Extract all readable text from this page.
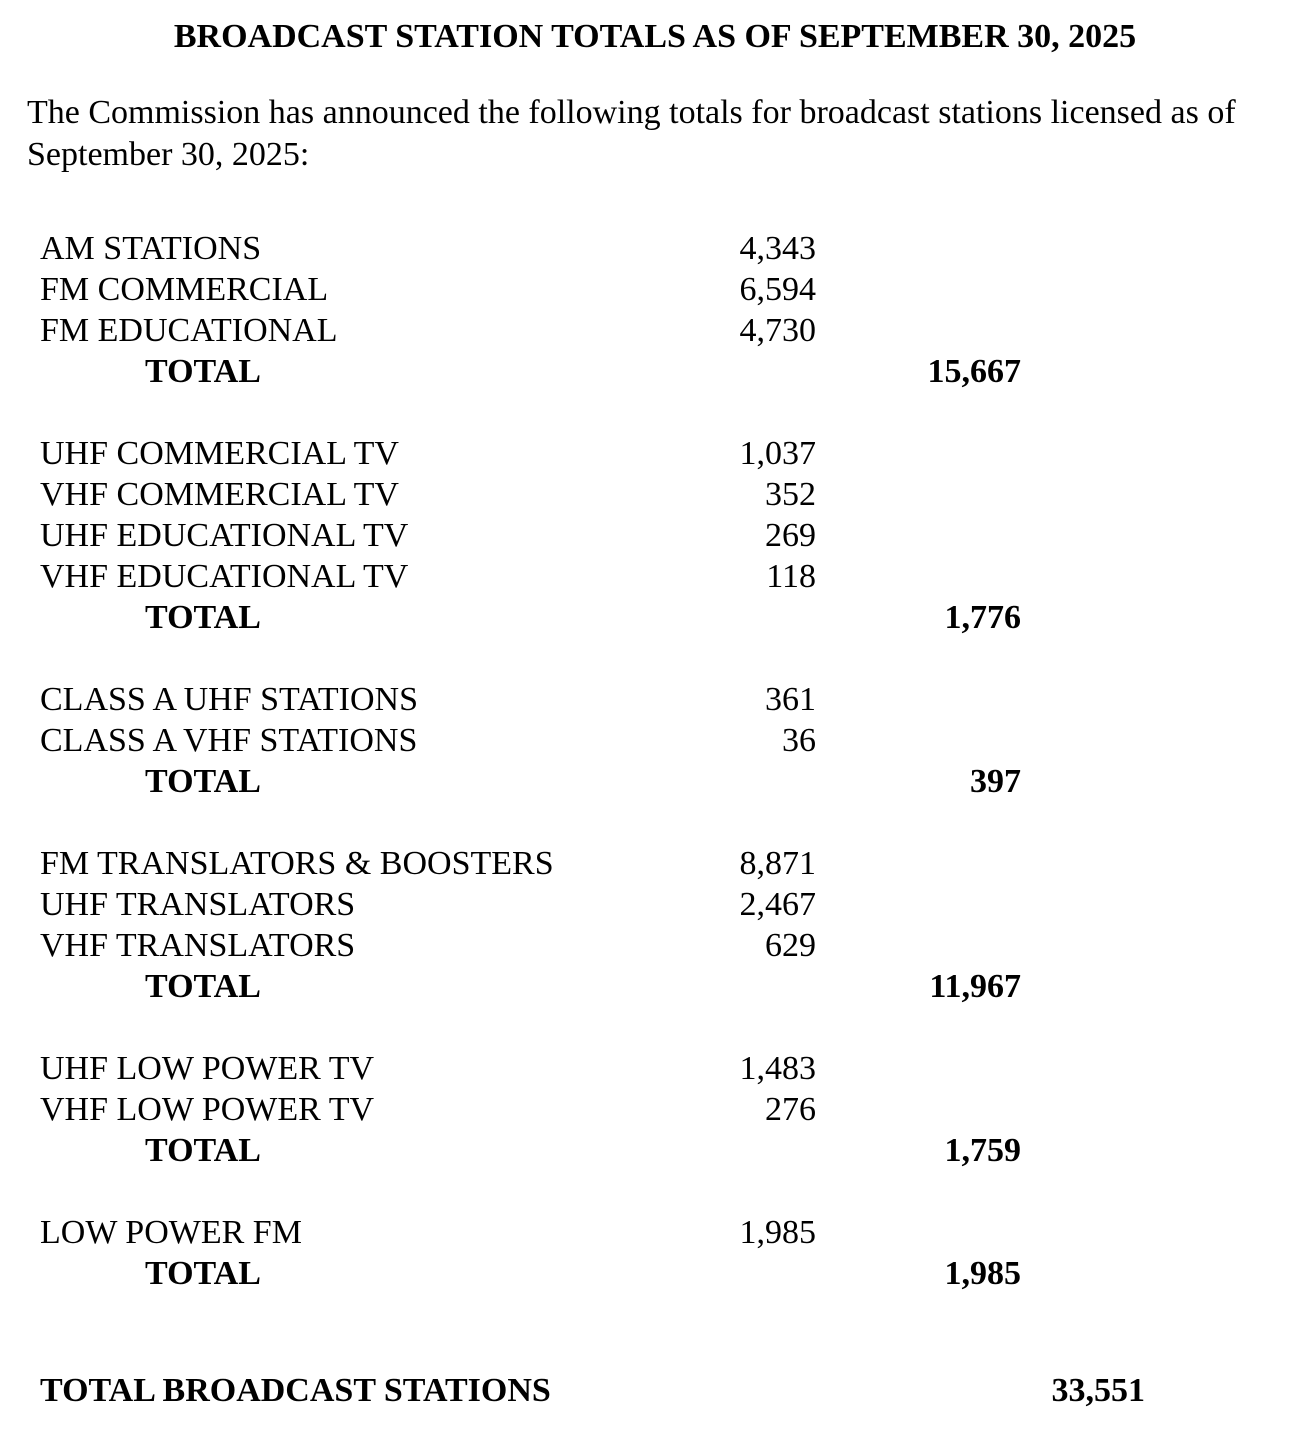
BROADCAST STATION TOTALS AS OF SEPTEMBER 30, 2025
The Commission has announced the following totals for broadcast stations licensed as of September 30, 2025:
AM STATIONS	4,343
FM COMMERCIAL	6,594
FM EDUCATIONAL	4,730
TOTAL	15,667
UHF COMMERCIAL TV	1,037
VHF COMMERCIAL TV	352
UHF EDUCATIONAL TV	269
VHF EDUCATIONAL TV	118
TOTAL	1,776
CLASS A UHF STATIONS	361
CLASS A VHF STATIONS	36
TOTAL	397
FM TRANSLATORS & BOOSTERS	8,871
UHF TRANSLATORS	2,467
VHF TRANSLATORS	629
TOTAL	11,967
UHF LOW POWER TV	1,483
VHF LOW POWER TV	276
TOTAL	1,759
LOW POWER FM	1,985
TOTAL	1,985
TOTAL BROADCAST STATIONS	33,551
